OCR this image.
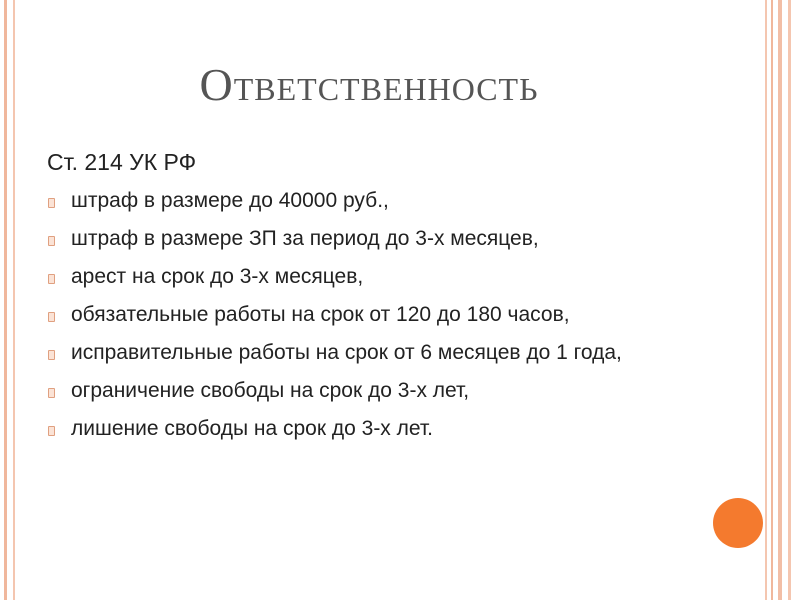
Ответственность
Ст. 214 УК РФ
штраф в размере до 40000 руб.,
штраф в размере ЗП за период до 3-х месяцев,
арест на срок до 3-х месяцев,
обязательные работы на срок от 120 до 180 часов,
исправительные работы на срок от 6 месяцев до 1 года,
ограничение свободы на срок до 3-х лет,
лишение свободы на срок до 3-х лет.
